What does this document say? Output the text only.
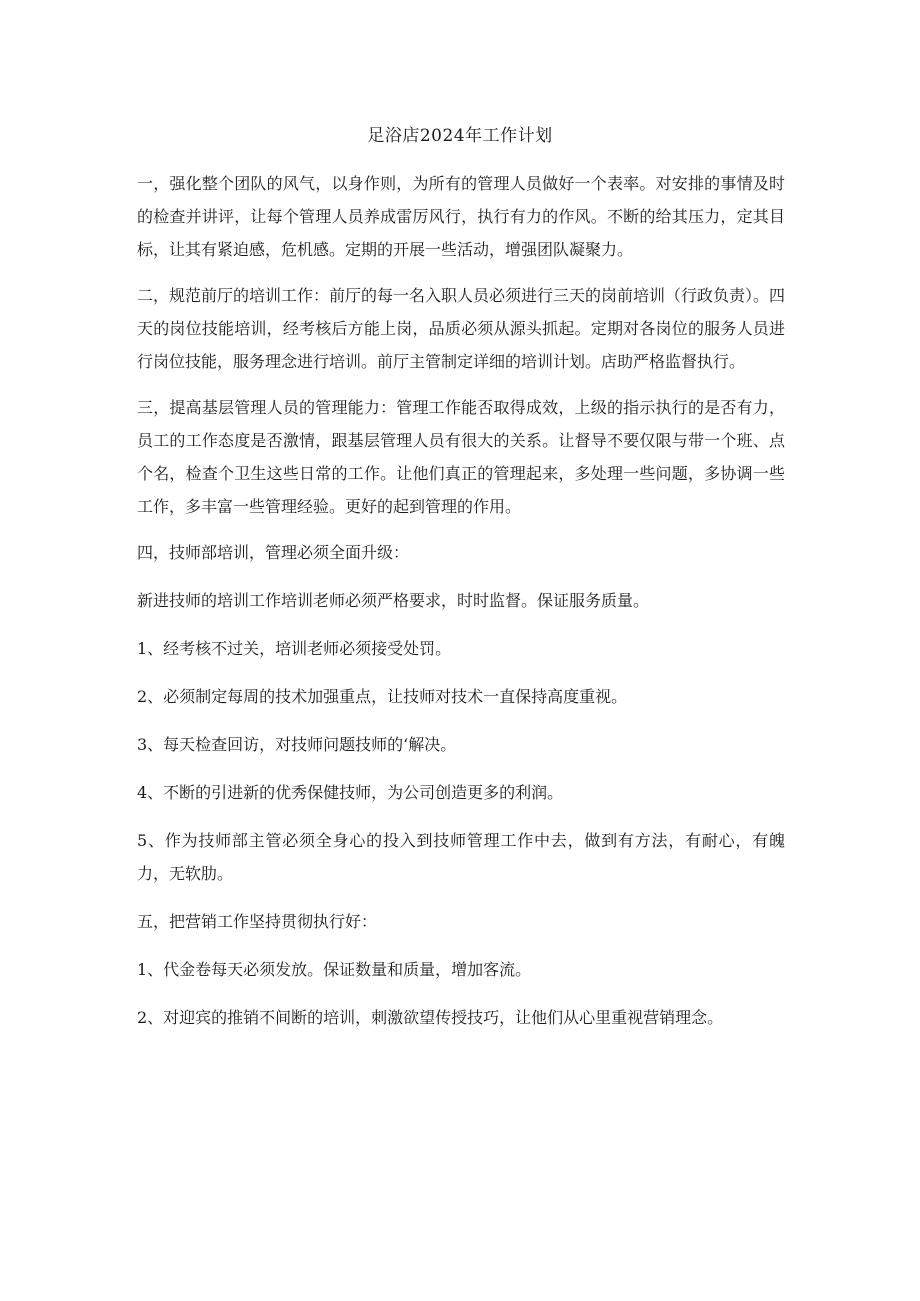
足浴店2024年工作计划

一，强化整个团队的风气，以身作则，为所有的管理人员做好一个表率。对安排的事情及时的检查并讲评，让每个管理人员养成雷厉风行，执行有力的作风。不断的给其压力，定其目标，让其有紧迫感，危机感。定期的开展一些活动，增强团队凝聚力。

二，规范前厅的培训工作：前厅的每一名入职人员必须进行三天的岗前培训（行政负责）。四天的岗位技能培训，经考核后方能上岗，品质必须从源头抓起。定期对各岗位的服务人员进行岗位技能，服务理念进行培训。前厅主管制定详细的培训计划。店助严格监督执行。

三，提高基层管理人员的管理能力：管理工作能否取得成效，上级的指示执行的是否有力，员工的工作态度是否激情，跟基层管理人员有很大的关系。让督导不要仅限与带一个班、点个名，检查个卫生这些日常的工作。让他们真正的管理起来，多处理一些问题，多协调一些工作，多丰富一些管理经验。更好的起到管理的作用。

四，技师部培训，管理必须全面升级：

新进技师的培训工作培训老师必须严格要求，时时监督。保证服务质量。

1、经考核不过关，培训老师必须接受处罚。

2、必须制定每周的技术加强重点，让技师对技术一直保持高度重视。

3、每天检查回访，对技师问题技师的‘解决。

4、不断的引进新的优秀保健技师，为公司创造更多的利润。

5、作为技师部主管必须全身心的投入到技师管理工作中去，做到有方法，有耐心，有魄力，无软肋。

五，把营销工作坚持贯彻执行好：

1、代金卷每天必须发放。保证数量和质量，增加客流。

2、对迎宾的推销不间断的培训，刺激欲望传授技巧，让他们从心里重视营销理念。
